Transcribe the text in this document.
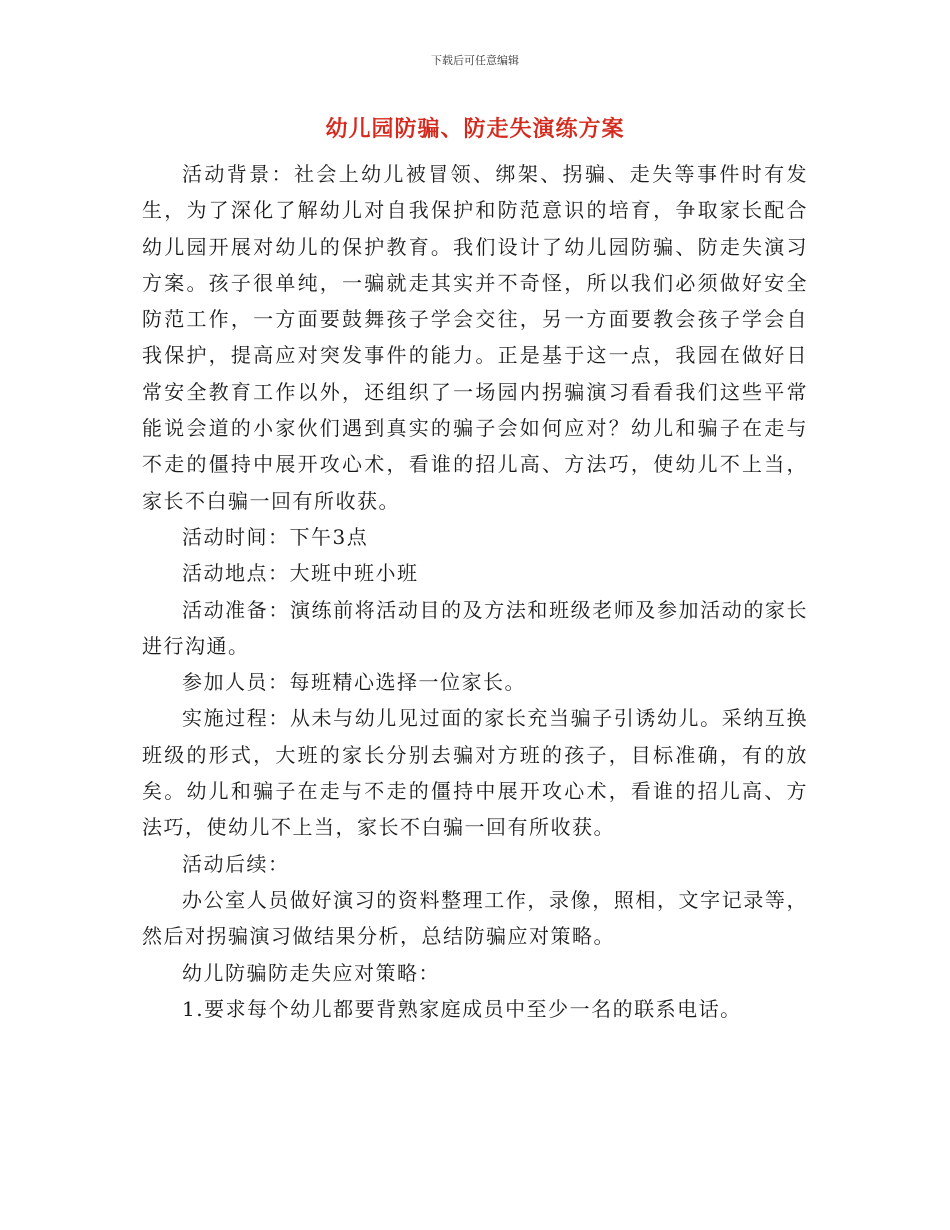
下载后可任意编辑
幼儿园防骗、防走失演练方案

活动背景：社会上幼儿被冒领、绑架、拐骗、走失等事件时有发生，为了深化了解幼儿对自我保护和防范意识的培育，争取家长配合幼儿园开展对幼儿的保护教育。我们设计了幼儿园防骗、防走失演习方案。孩子很单纯，一骗就走其实并不奇怪，所以我们必须做好安全防范工作，一方面要鼓舞孩子学会交往，另一方面要教会孩子学会自我保护，提高应对突发事件的能力。正是基于这一点，我园在做好日常安全教育工作以外，还组织了一场园内拐骗演习看看我们这些平常能说会道的小家伙们遇到真实的骗子会如何应对？幼儿和骗子在走与不走的僵持中展开攻心术，看谁的招儿高、方法巧，使幼儿不上当，家长不白骗一回有所收获。

活动时间：下午3点

活动地点：大班中班小班

活动准备：演练前将活动目的及方法和班级老师及参加活动的家长进行沟通。

参加人员：每班精心选择一位家长。

实施过程：从未与幼儿见过面的家长充当骗子引诱幼儿。采纳互换班级的形式，大班的家长分别去骗对方班的孩子，目标准确，有的放矣。幼儿和骗子在走与不走的僵持中展开攻心术，看谁的招儿高、方法巧，使幼儿不上当，家长不白骗一回有所收获。

活动后续：

办公室人员做好演习的资料整理工作，录像，照相，文字记录等，然后对拐骗演习做结果分析，总结防骗应对策略。

幼儿防骗防走失应对策略：

1.要求每个幼儿都要背熟家庭成员中至少一名的联系电话。
